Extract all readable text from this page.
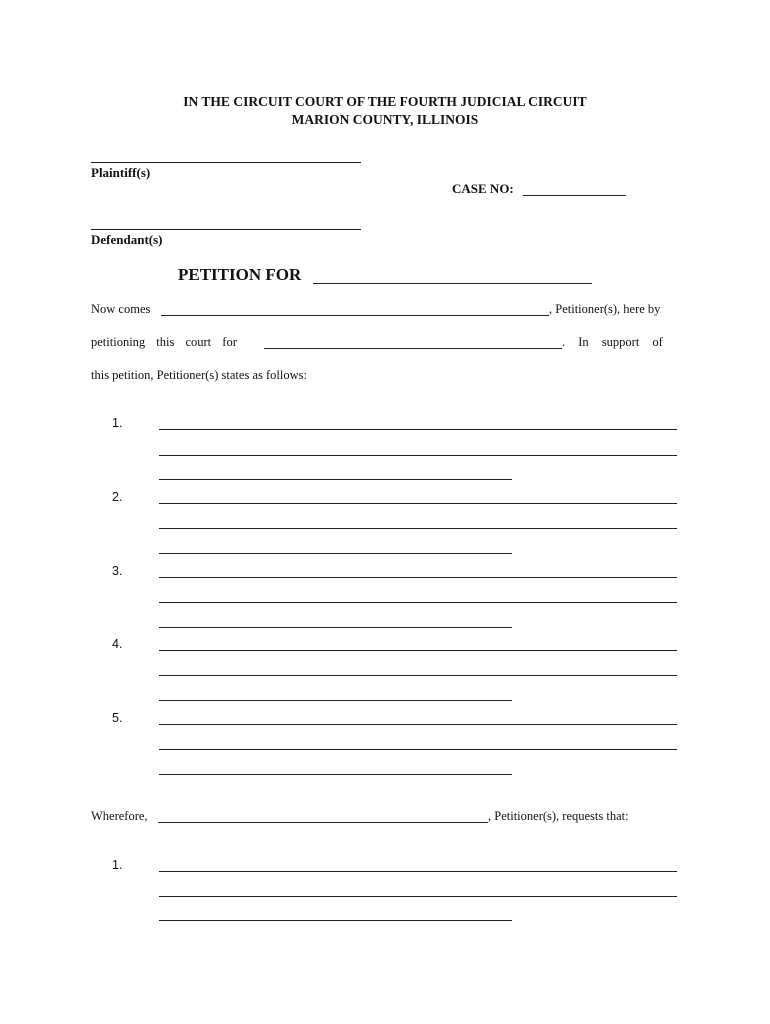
IN THE CIRCUIT COURT OF THE FOURTH JUDICIAL CIRCUIT
MARION COUNTY, ILLINOIS
Plaintiff(s)
CASE NO:
Defendant(s)
PETITION FOR
Now comes	, Petitioner(s), here by
petitioning this court for	. In support of
this petition, Petitioner(s) states as follows:
1.
2.
3.
4.
5.
Wherefore,	, Petitioner(s), requests that:
1.
